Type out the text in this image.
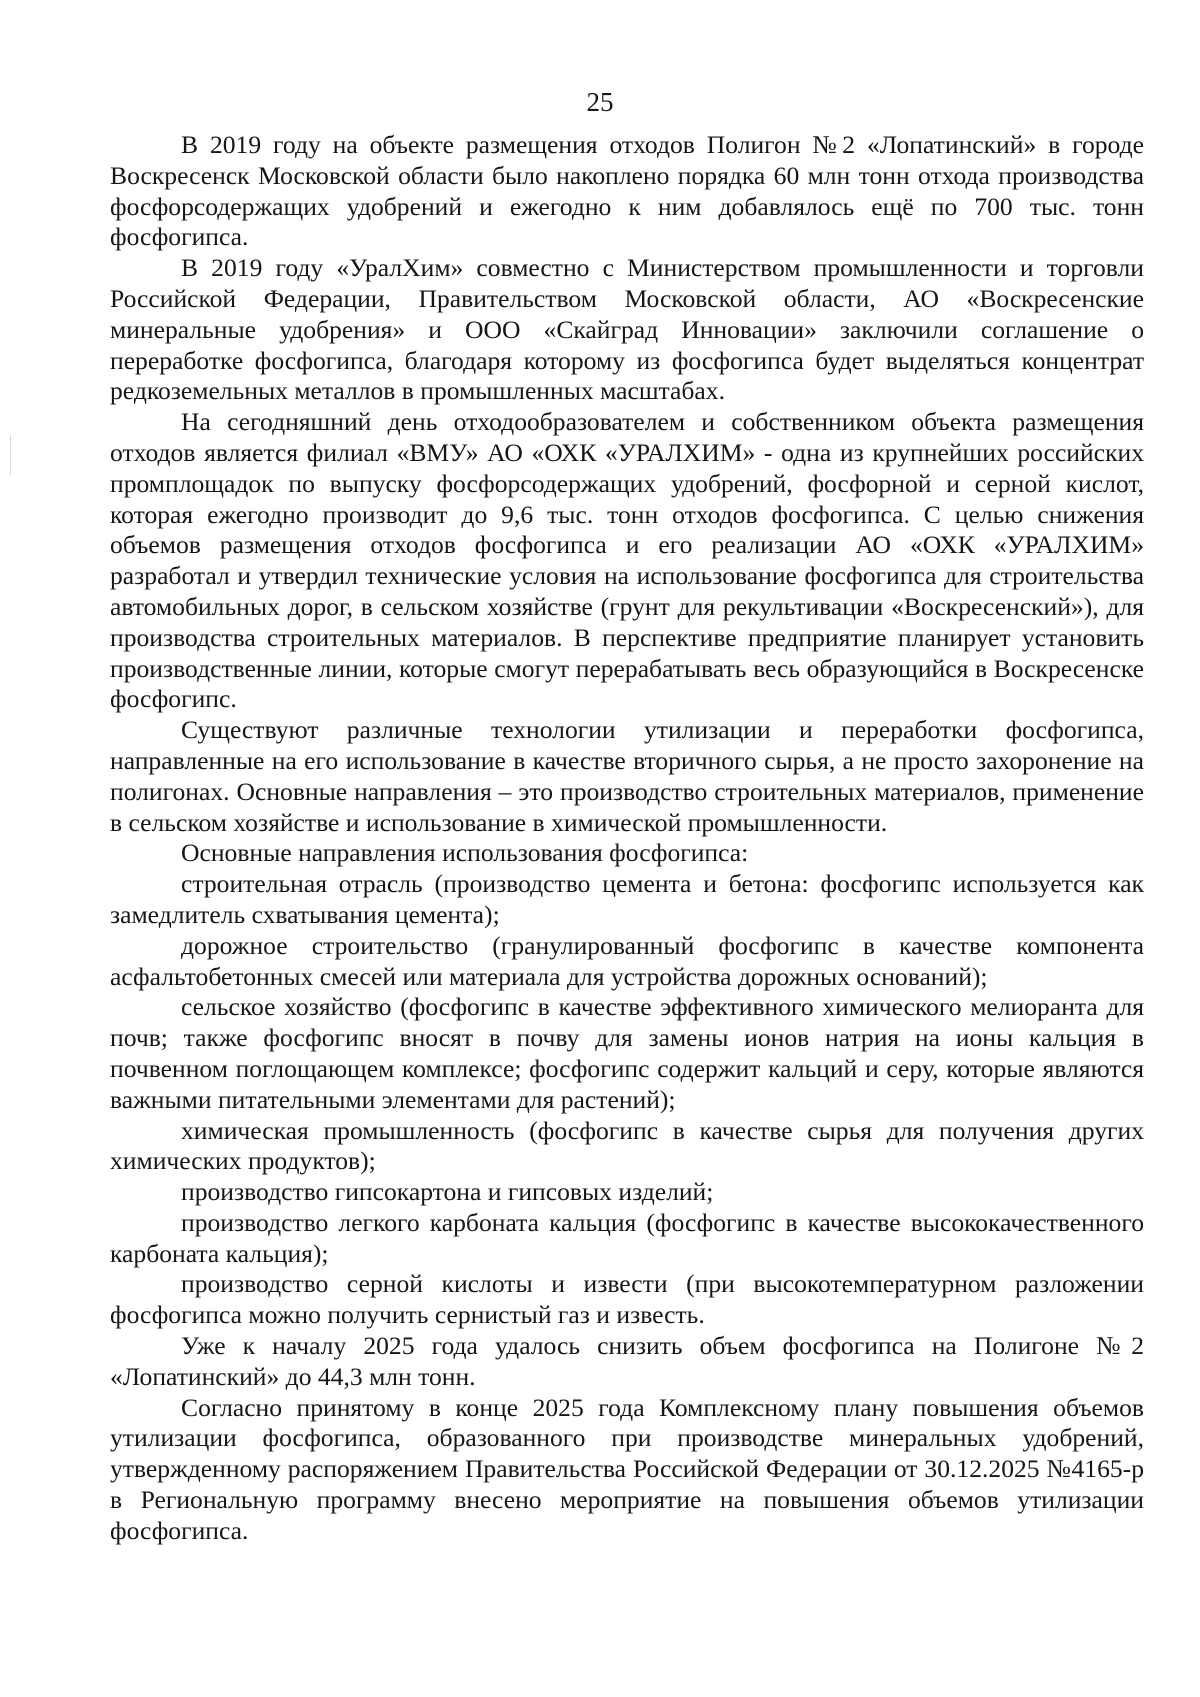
25

В 2019 году на объекте размещения отходов Полигон №2 «Лопатинский» в городе Воскресенск Московской области было накоплено порядка 60 млн тонн отхода производства фосфорсодержащих удобрений и ежегодно к ним добавлялось ещё по 700 тыс. тонн фосфогипса.

В 2019 году «УралХим» совместно с Министерством промышленности и торговли Российской Федерации, Правительством Московской области, АО «Воскресенские минеральные удобрения» и ООО «Скайград Инновации» заключили соглашение о переработке фосфогипса, благодаря которому из фосфогипса будет выделяться концентрат редкоземельных металлов в промышленных масштабах.

На сегодняшний день отходообразователем и собственником объекта размещения отходов является филиал «ВМУ» АО «ОХК «УРАЛХИМ» - одна из крупнейших российских промплощадок по выпуску фосфорсодержащих удобрений, фосфорной и серной кислот, которая ежегодно производит до 9,6 тыс. тонн отходов фосфогипса. С целью снижения объемов размещения отходов фосфогипса и его реализации АО «ОХК «УРАЛХИМ» разработал и утвердил технические условия на использование фосфогипса для строительства автомобильных дорог, в сельском хозяйстве (грунт для рекультивации «Воскресенский»), для производства строительных материалов. В перспективе предприятие планирует установить производственные линии, которые смогут перерабатывать весь образующийся в Воскресенске фосфогипс.

Существуют различные технологии утилизации и переработки фосфогипса, направленные на его использование в качестве вторичного сырья, а не просто захоронение на полигонах. Основные направления – это производство строительных материалов, применение в сельском хозяйстве и использование в химической промышленности.

Основные направления использования фосфогипса:

строительная отрасль (производство цемента и бетона: фосфогипс используется как замедлитель схватывания цемента);

дорожное строительство (гранулированный фосфогипс в качестве компонента асфальтобетонных смесей или материала для устройства дорожных оснований);

сельское хозяйство (фосфогипс в качестве эффективного химического мелиоранта для почв; также фосфогипс вносят в почву для замены ионов натрия на ионы кальция в почвенном поглощающем комплексе; фосфогипс содержит кальций и серу, которые являются важными питательными элементами для растений);

химическая промышленность (фосфогипс в качестве сырья для получения других химических продуктов);

производство гипсокартона и гипсовых изделий;

производство легкого карбоната кальция (фосфогипс в качестве высококачественного карбоната кальция);

производство серной кислоты и извести (при высокотемпературном разложении фосфогипса можно получить сернистый газ и известь.

Уже к началу 2025 года удалось снизить объем фосфогипса на Полигоне №2 «Лопатинский» до 44,3 млн тонн.

Согласно принятому в конце 2025 года Комплексному плану повышения объемов утилизации фосфогипса, образованного при производстве минеральных удобрений, утвержденному распоряжением Правительства Российской Федерации от 30.12.2025 №4165-р в Региональную программу внесено мероприятие на повышения объемов утилизации фосфогипса.
